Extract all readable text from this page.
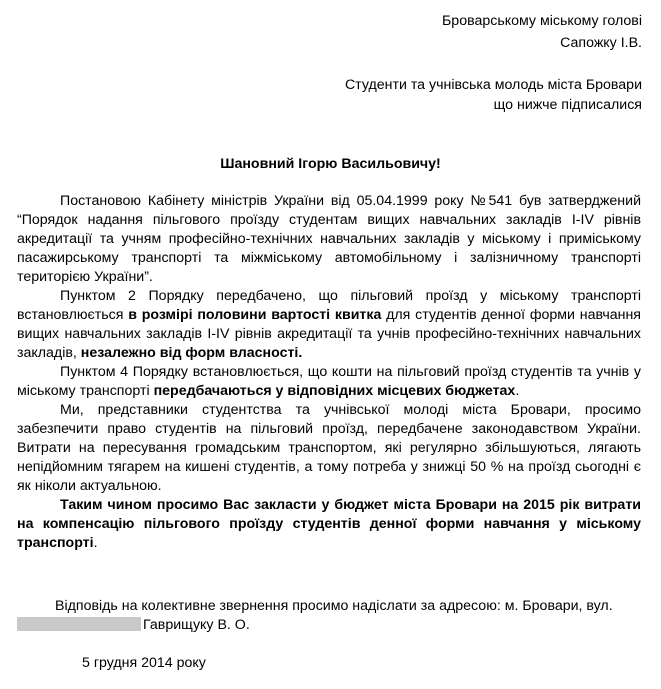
Броварському міському голові
Сапожку І.В.
Студенти та учнівська молодь міста Бровари
що нижче підписалися
Шановний Ігорю Васильовичу!

Постановою Кабінету міністрів України від 05.04.1999 року №541 був затверджений “Порядок надання пільгового проїзду студентам вищих навчальних закладів I-IV рівнів акредитації та учням професійно-технічних навчальних закладів у міському і приміському пасажирському транспорті та міжміському автомобільному і залізничному транспорті територією України”.

Пунктом 2 Порядку передбачено, що пільговий проїзд у міському транспорті встановлюється в розмірі половини вартості квитка для студентів денної форми навчання вищих навчальних закладів I-IV рівнів акредитації та учнів професійно-технічних навчальних закладів, незалежно від форм власності.

Пунктом 4 Порядку встановлюється, що кошти на пільговий проїзд студентів та учнів у міському транспорті передбачаються у відповідних місцевих бюджетах.

Ми, представники студентства та учнівської молоді міста Бровари, просимо забезпечити право студентів на пільговий проїзд, передбачене законодавством України. Витрати на пересування громадським транспортом, які регулярно збільшуються, лягають непідйомним тягарем на кишені студентів, а тому потреба у знижці 50 % на проїзд сьогодні є як ніколи актуальною.

Таким чином просимо Вас закласти у бюджет міста Бровари на 2015 рік витрати на компенсацію пільгового проїзду студентів денної форми навчання у міському транспорті.

Відповідь на колективне звернення просимо надіслати за адресою: м. Бровари, вул.

Гаврищуку В. О.

5 грудня 2014 року
